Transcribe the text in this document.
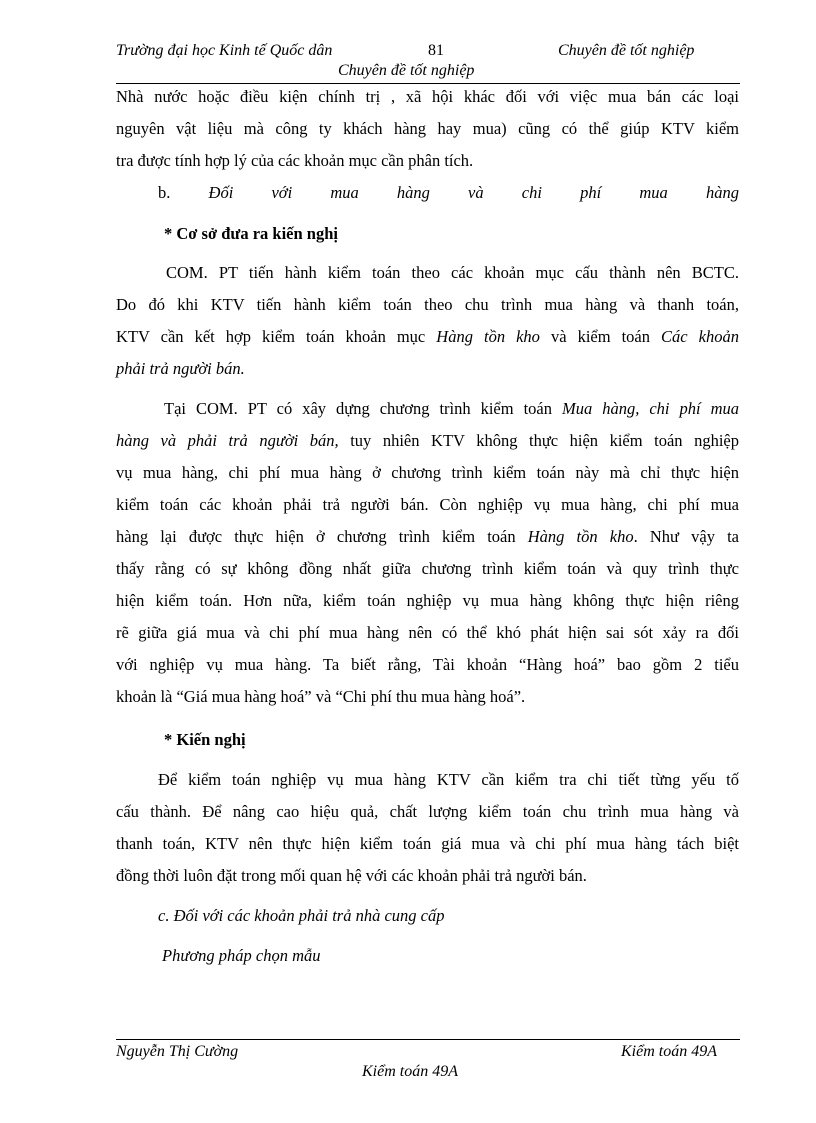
Trường đại học Kinh tế Quốc dân	81	Chuyên đề tốt nghiệp
Chuyên đề tốt nghiệp
Nhà nước hoặc điều kiện chính trị , xã hội khác đối với việc mua bán các loại
nguyên vật liệu mà công ty khách hàng hay mua) cũng có thể giúp KTV kiểm
tra được tính hợp lý của các khoản mục cần phân tích.
b. Đối với mua hàng và chi phí mua hàng
* Cơ sở đưa ra kiến nghị
COM. PT tiến hành kiểm toán theo các khoản mục cấu thành nên BCTC.
Do đó khi KTV tiến hành kiểm toán theo chu trình mua hàng và thanh toán,
KTV cần kết hợp kiểm toán khoản mục Hàng tồn kho và kiểm toán Các khoản
phải trả người bán.
Tại COM. PT có xây dựng chương trình kiểm toán Mua hàng, chi phí mua
hàng và phải trả người bán, tuy nhiên KTV không thực hiện kiểm toán nghiệp
vụ mua hàng, chi phí mua hàng ở chương trình kiểm toán này mà chỉ thực hiện
kiểm toán các khoản phải trả người bán. Còn nghiệp vụ mua hàng, chi phí mua
hàng lại được thực hiện ở chương trình kiểm toán Hàng tồn kho. Như vậy ta
thấy rằng có sự không đồng nhất giữa chương trình kiểm toán và quy trình thực
hiện kiểm toán. Hơn nữa, kiểm toán nghiệp vụ mua hàng không thực hiện riêng
rẽ giữa giá mua và chi phí mua hàng nên có thể khó phát hiện sai sót xảy ra đối
với nghiệp vụ mua hàng. Ta biết rằng, Tài khoản “Hàng hoá” bao gồm 2 tiểu
khoản là “Giá mua hàng hoá” và “Chi phí thu mua hàng hoá”.
* Kiến nghị
Để kiểm toán nghiệp vụ mua hàng KTV cần kiểm tra chi tiết từng yếu tố
cấu thành. Để nâng cao hiệu quả, chất lượng kiểm toán chu trình mua hàng và
thanh toán, KTV nên thực hiện kiểm toán giá mua và chi phí mua hàng tách biệt
đồng thời luôn đặt trong mối quan hệ với các khoản phải trả người bán.
c. Đối với các khoản phải trả nhà cung cấp
Phương pháp chọn mẫu
Nguyễn Thị Cường	Kiểm toán 49A
Kiểm toán 49A
